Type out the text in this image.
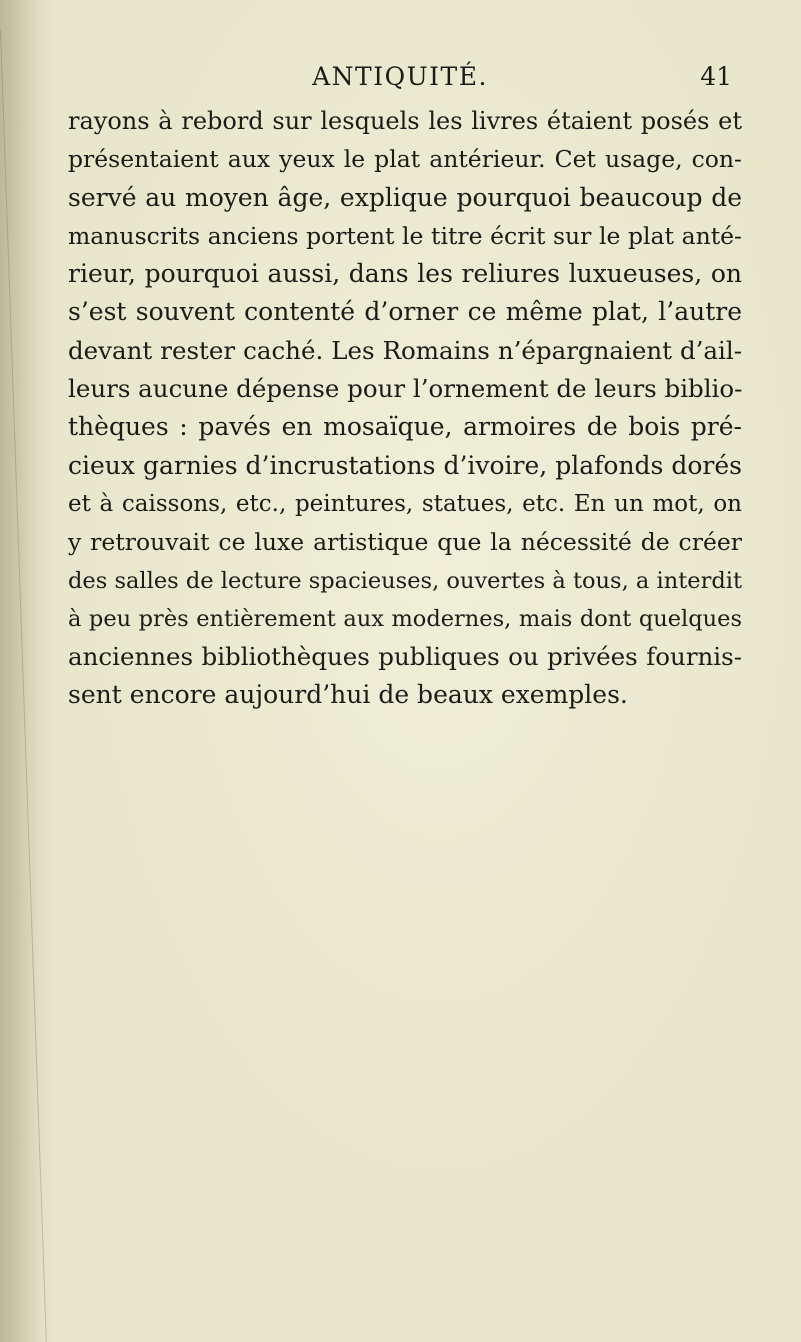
ANTIQUITÉ.	41
rayons à rebord sur lesquels les livres étaient posés et
présentaient aux yeux le plat antérieur. Cet usage, con-
servé au moyen âge, explique pourquoi beaucoup de
manuscrits anciens portent le titre écrit sur le plat anté-
rieur, pourquoi aussi, dans les reliures luxueuses, on
s’est souvent contenté d’orner ce même plat, l’autre
devant rester caché. Les Romains n’épargnaient d’ail-
leurs aucune dépense pour l’ornement de leurs biblio-
thèques : pavés en mosaïque, armoires de bois pré-
cieux garnies d’incrustations d’ivoire, plafonds dorés
et à caissons, etc., peintures, statues, etc. En un mot, on
y retrouvait ce luxe artistique que la nécessité de créer
des salles de lecture spacieuses, ouvertes à tous, a interdit
à peu près entièrement aux modernes, mais dont quelques
anciennes bibliothèques publiques ou privées fournis-
sent encore aujourd’hui de beaux exemples.
